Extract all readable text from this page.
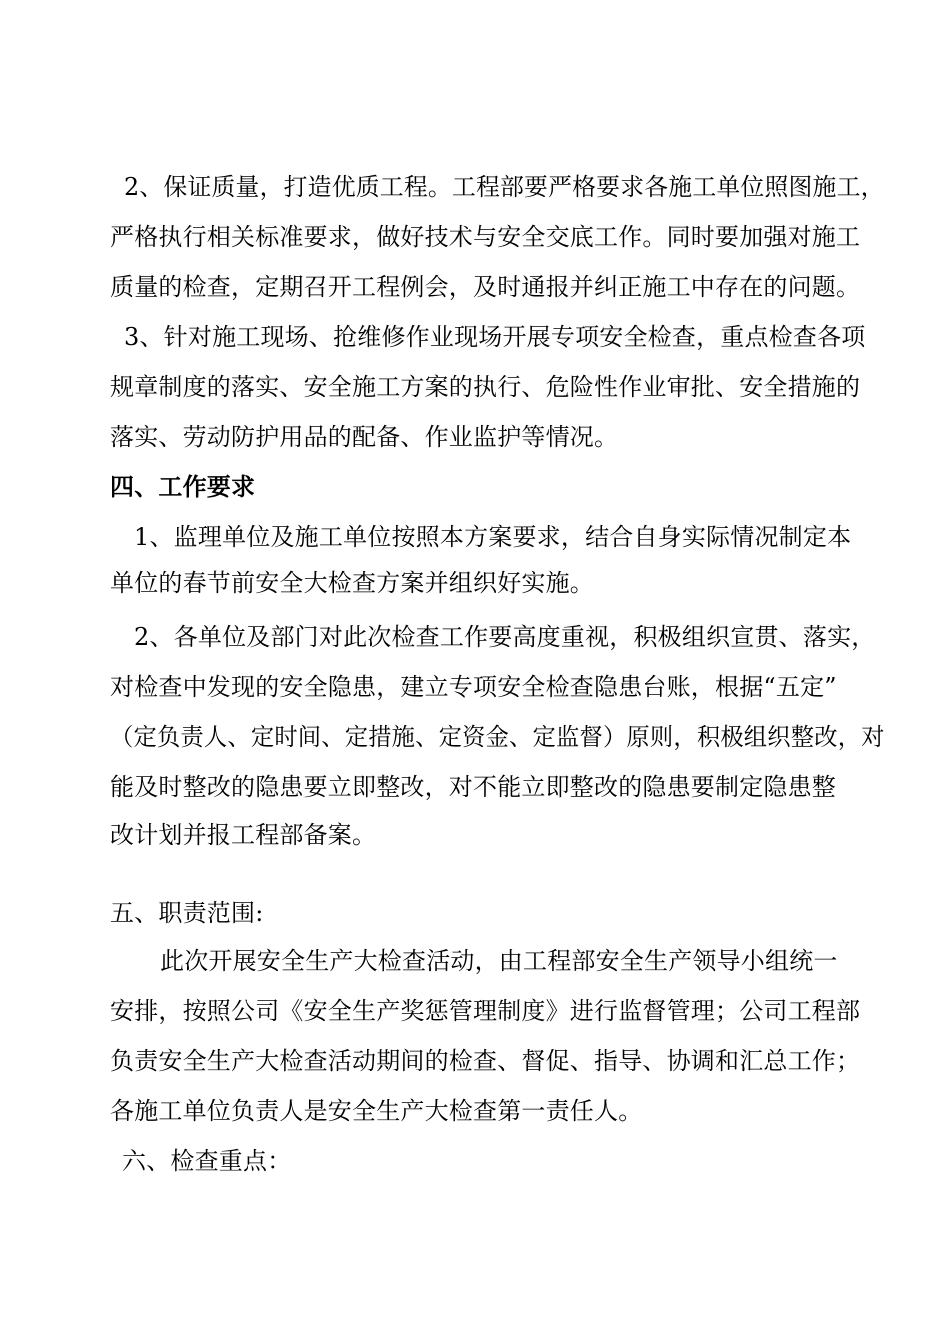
2、保证质量，打造优质工程。工程部要严格要求各施工单位照图施工，
严格执行相关标准要求，做好技术与安全交底工作。同时要加强对施工
质量的检查，定期召开工程例会，及时通报并纠正施工中存在的问题。
3、针对施工现场、抢维修作业现场开展专项安全检查，重点检查各项
规章制度的落实、安全施工方案的执行、危险性作业审批、安全措施的
落实、劳动防护用品的配备、作业监护等情况。
四、工作要求
1、监理单位及施工单位按照本方案要求，结合自身实际情况制定本
单位的春节前安全大检查方案并组织好实施。
2、各单位及部门对此次检查工作要高度重视，积极组织宣贯、落实，
对检查中发现的安全隐患，建立专项安全检查隐患台账，根据“五定”
（定负责人、定时间、定措施、定资金、定监督）原则，积极组织整改，对
能及时整改的隐患要立即整改，对不能立即整改的隐患要制定隐患整
改计划并报工程部备案。
五、职责范围:
此次开展安全生产大检查活动，由工程部安全生产领导小组统一
安排，按照公司《安全生产奖惩管理制度》进行监督管理；公司工程部
负责安全生产大检查活动期间的检查、督促、指导、协调和汇总工作；
各施工单位负责人是安全生产大检查第一责任人。
六、检查重点：
